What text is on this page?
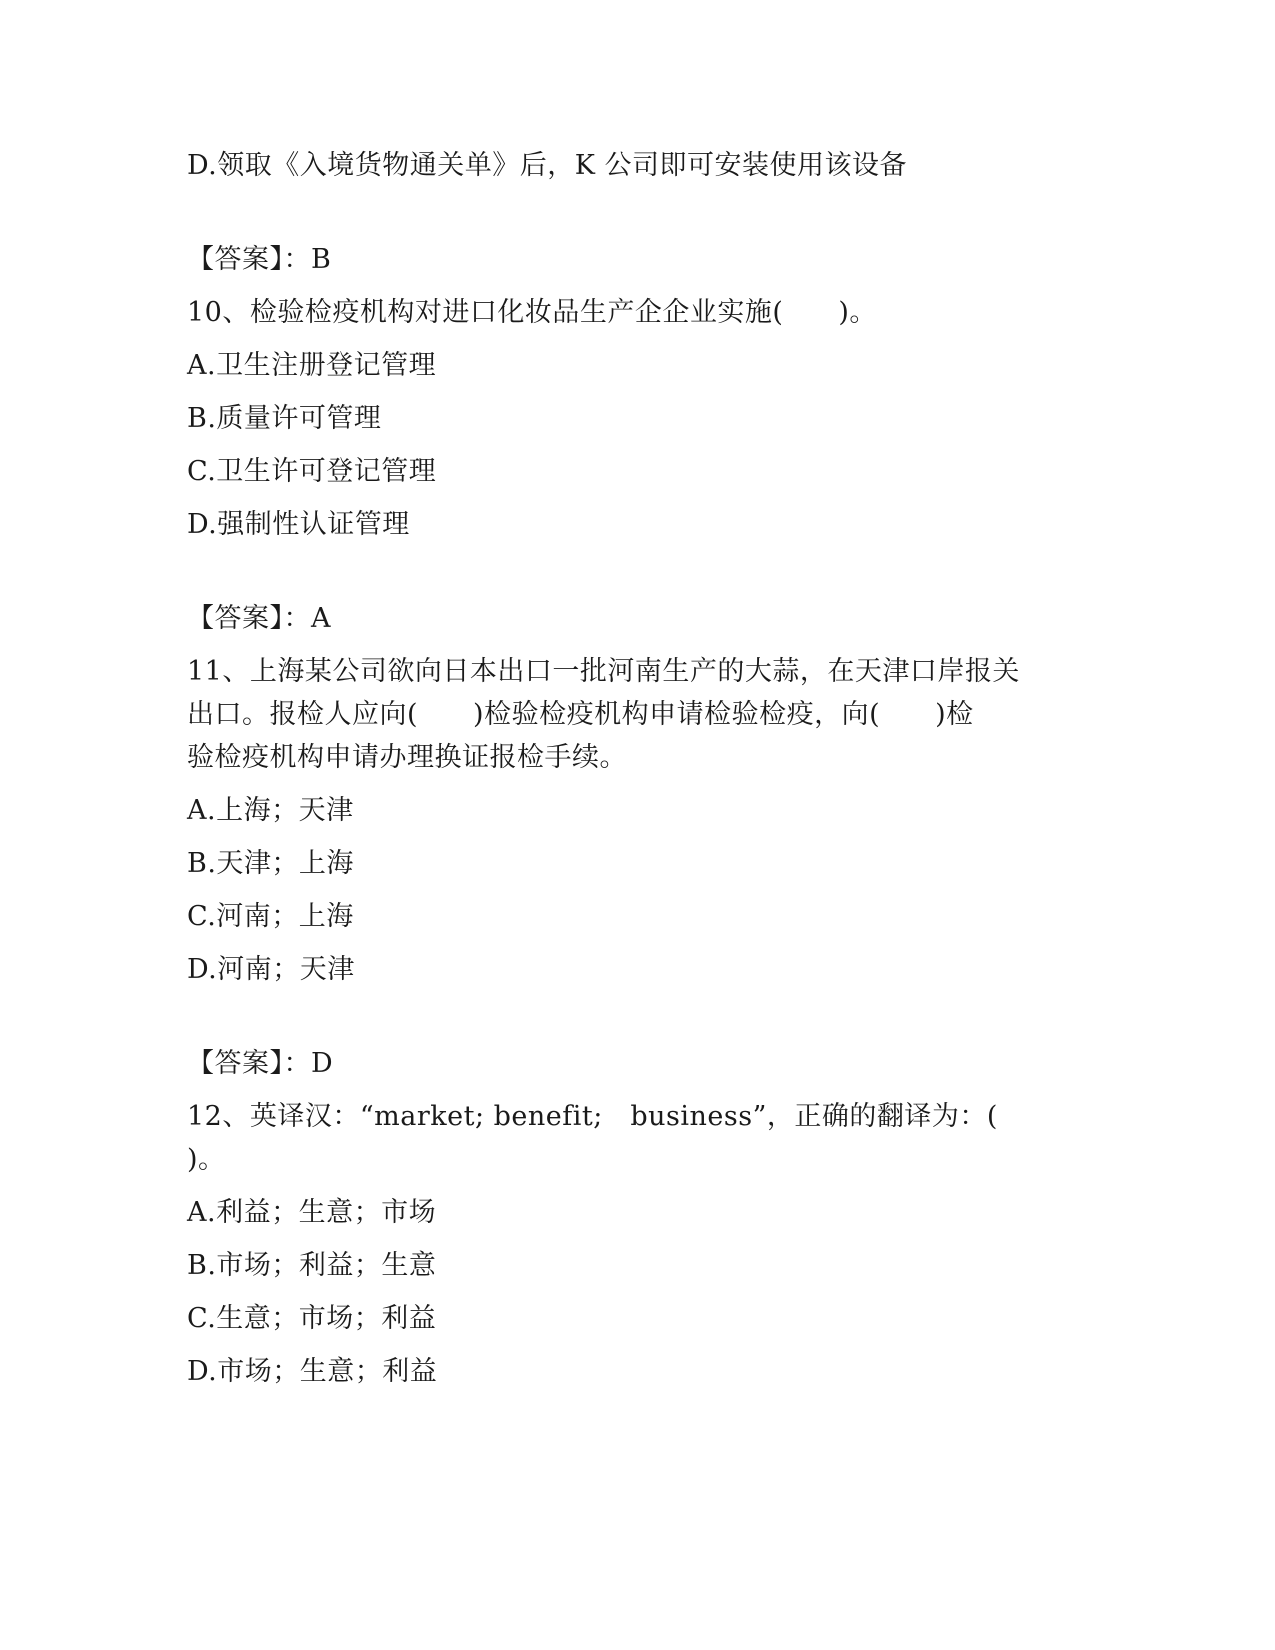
D.领取《入境货物通关单》后，K 公司即可安装使用该设备
【答案】：B
10、检验检疫机构对进口化妆品生产企企业实施(　　)。
A.卫生注册登记管理
B.质量许可管理
C.卫生许可登记管理
D.强制性认证管理
【答案】：A
11、上海某公司欲向日本出口一批河南生产的大蒜，在天津口岸报关
出口。报检人应向(　　)检验检疫机构申请检验检疫，向(　　)检
验检疫机构申请办理换证报检手续。
A.上海；天津
B.天津；上海
C.河南；上海
D.河南；天津
【答案】：D
12、英译汉：“market; benefit;　business”，正确的翻译为：(
)。
A.利益；生意；市场
B.市场；利益；生意
C.生意；市场；利益
D.市场；生意；利益
